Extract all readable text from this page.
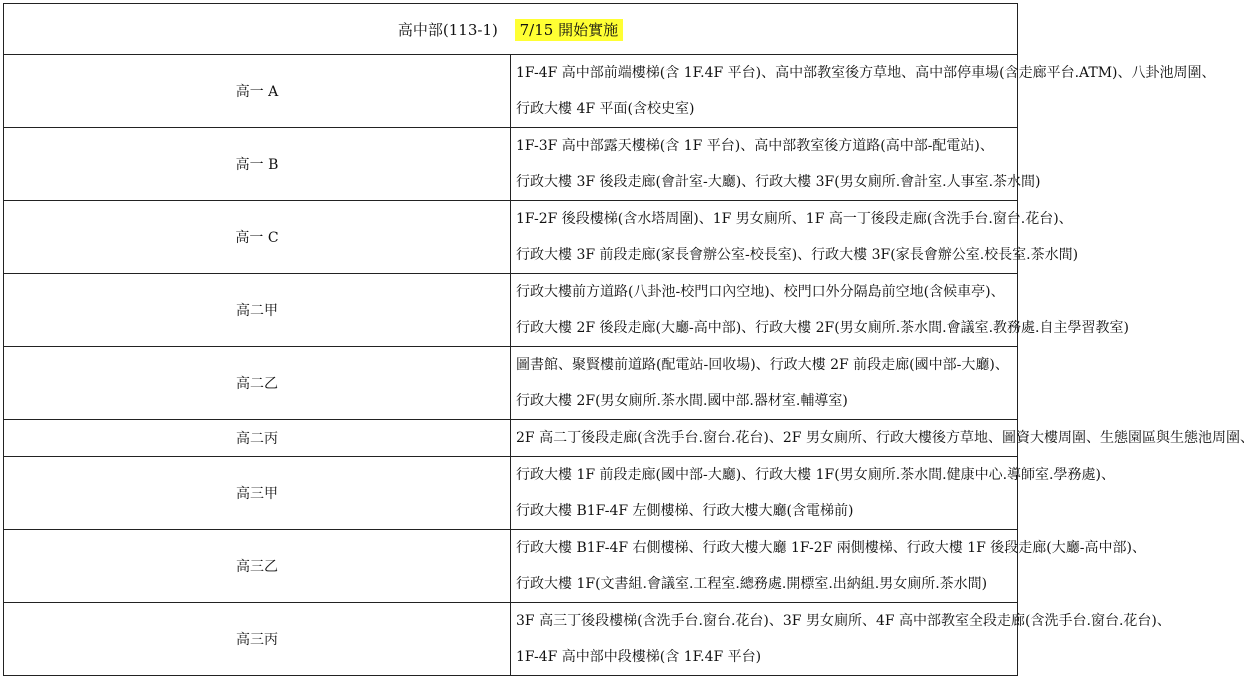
高中部(113-1) 7/15 開始實施	
高一 A	1F-4F 高中部前端樓梯(含 1F.4F 平台)、高中部教室後方草地、高中部停車場(含走廊平台.ATM)、八卦池周圍、
行政大樓 4F 平面(含校史室)

高一 B	1F-3F 高中部露天樓梯(含 1F 平台)、高中部教室後方道路(高中部-配電站)、
行政大樓 3F 後段走廊(會計室-大廳)、行政大樓 3F(男女廁所.會計室.人事室.茶水間)

高一 C	1F-2F 後段樓梯(含水塔周圍)、1F 男女廁所、1F 高一丁後段走廊(含洗手台.窗台.花台)、
行政大樓 3F 前段走廊(家長會辦公室-校長室)、行政大樓 3F(家長會辦公室.校長室.茶水間)

高二甲	行政大樓前方道路(八卦池-校門口內空地)、校門口外分隔島前空地(含候車亭)、
行政大樓 2F 後段走廊(大廳-高中部)、行政大樓 2F(男女廁所.茶水間.會議室.教務處.自主學習教室)

高二乙	圖書館、聚賢樓前道路(配電站-回收場)、行政大樓 2F 前段走廊(國中部-大廳)、
行政大樓 2F(男女廁所.茶水間.國中部.器材室.輔導室)

高二丙	2F 高二丁後段走廊(含洗手台.窗台.花台)、2F 男女廁所、行政大樓後方草地、圖資大樓周圍、生態園區與生態池周圍、

高三甲	行政大樓 1F 前段走廊(國中部-大廳)、行政大樓 1F(男女廁所.茶水間.健康中心.導師室.學務處)、
行政大樓 B1F-4F 左側樓梯、行政大樓大廳(含電梯前)

高三乙	行政大樓 B1F-4F 右側樓梯、行政大樓大廳 1F-2F 兩側樓梯、行政大樓 1F 後段走廊(大廳-高中部)、
行政大樓 1F(文書組.會議室.工程室.總務處.開標室.出納組.男女廁所.茶水間)

高三丙	3F 高三丁後段樓梯(含洗手台.窗台.花台)、3F 男女廁所、4F 高中部教室全段走廊(含洗手台.窗台.花台)、
1F-4F 高中部中段樓梯(含 1F.4F 平台)
